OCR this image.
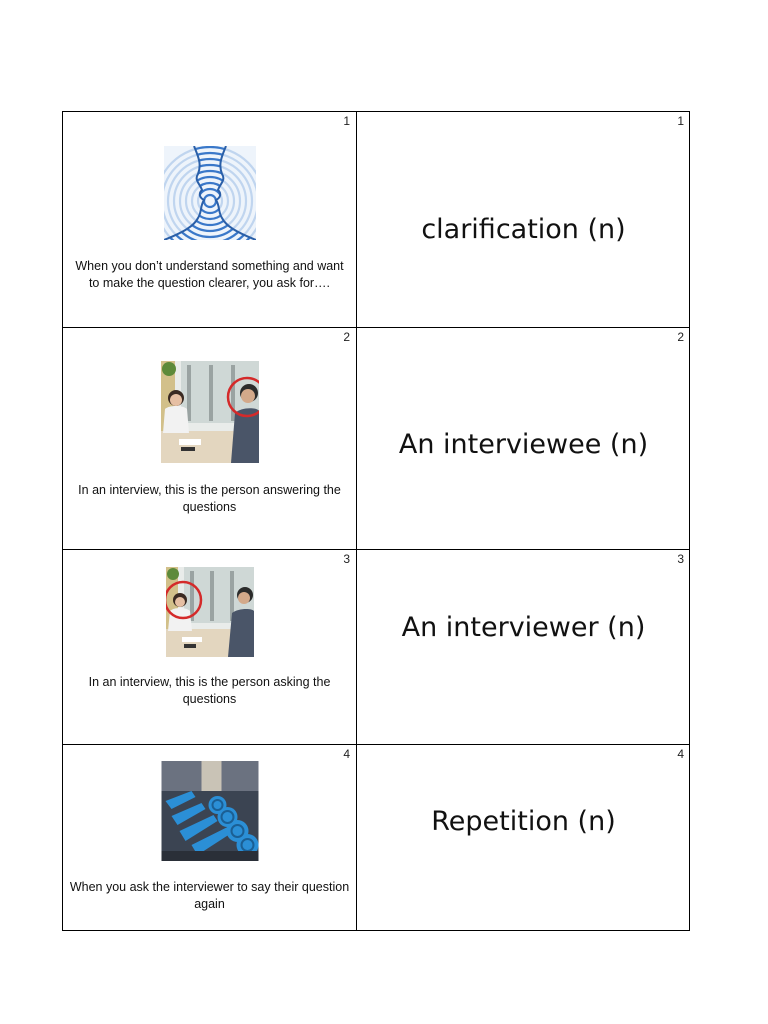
1
When you don’t understand something and want to make the question clearer, you ask for….
1
clarification (n)
2
In an interview, this is the person answering the questions
2
An interviewee (n)
3
In an interview, this is the person asking the questions
3
An interviewer (n)
4
When you ask the interviewer to say their question again
4
Repetition (n)
